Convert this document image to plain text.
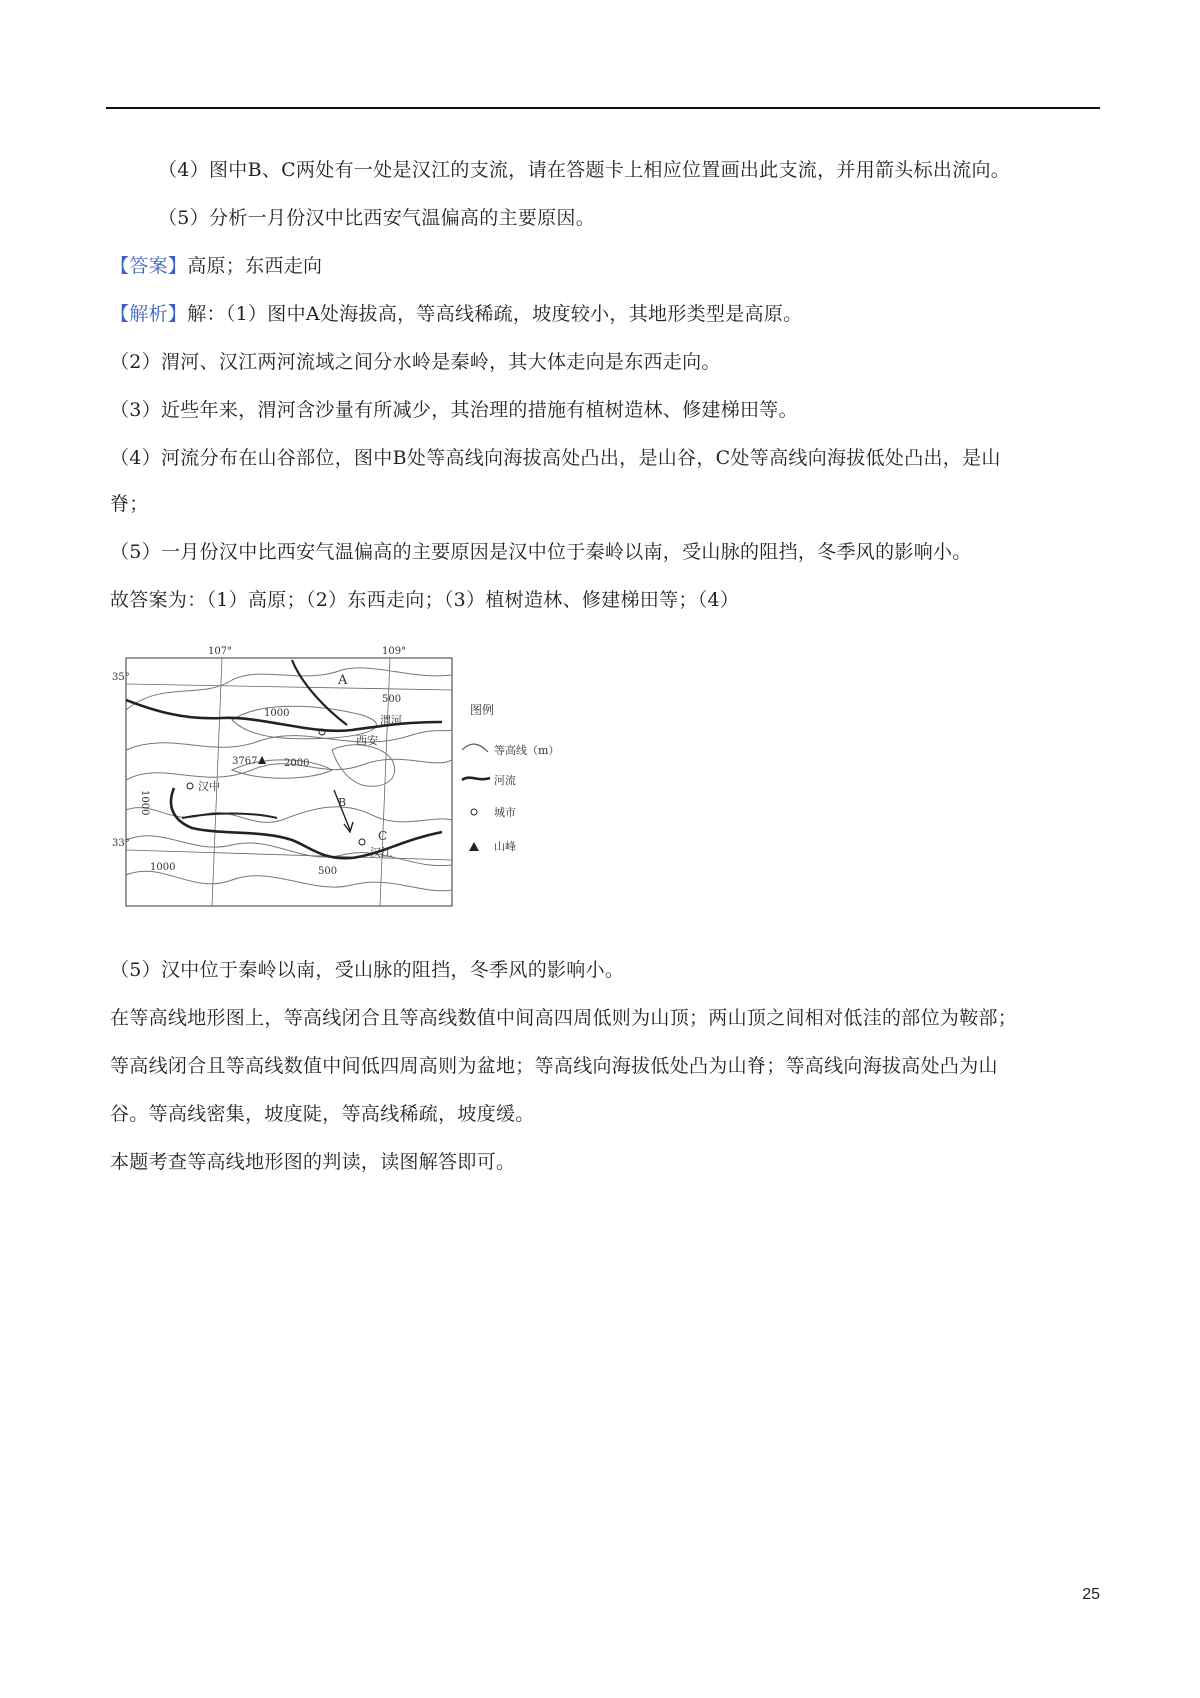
（4）图中B、C两处有一处是汉江的支流，请在答题卡上相应位置画出此支流，并用箭头标出流向。
（5）分析一月份汉中比西安气温偏高的主要原因。
【答案】高原；东西走向
【解析】解：（1）图中A处海拔高，等高线稀疏，坡度较小，其地形类型是高原。
（2）渭河、汉江两河流域之间分水岭是秦岭，其大体走向是东西走向。
（3）近些年来，渭河含沙量有所减少，其治理的措施有植树造林、修建梯田等。
（4）河流分布在山谷部位，图中B处等高线向海拔高处凸出，是山谷，C处等高线向海拔低处凸出，是山
脊；
（5）一月份汉中比西安气温偏高的主要原因是汉中位于秦岭以南，受山脉的阻挡，冬季风的影响小。
故答案为：（1）高原；（2）东西走向；（3）植树造林、修建梯田等；（4）
107°	109°
35°
33°
A
B
C
500
1000
2000
1000
1000
500
3767
渭河
西安
汉中
汉江
图例
等高线（m）
河流
城市
山峰
（5）汉中位于秦岭以南，受山脉的阻挡，冬季风的影响小。
在等高线地形图上，等高线闭合且等高线数值中间高四周低则为山顶；两山顶之间相对低洼的部位为鞍部；
等高线闭合且等高线数值中间低四周高则为盆地；等高线向海拔低处凸为山脊；等高线向海拔高处凸为山
谷。等高线密集，坡度陡，等高线稀疏，坡度缓。
本题考查等高线地形图的判读，读图解答即可。
25
